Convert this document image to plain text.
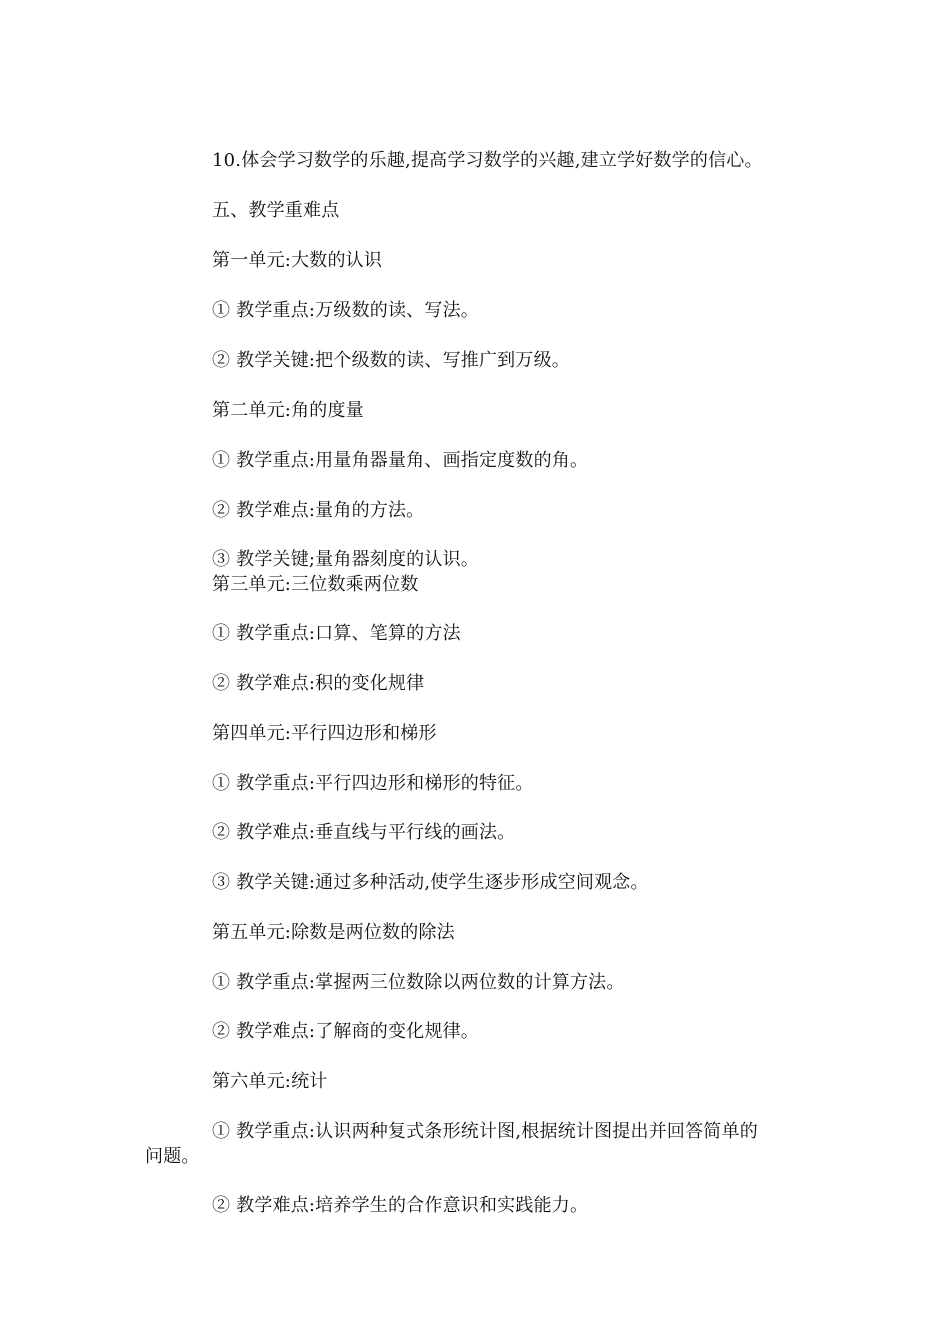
10.体会学习数学的乐趣,提高学习数学的兴趣,建立学好数学的信心。
五、教学重难点
第一单元:大数的认识
① 教学重点:万级数的读、写法。
② 教学关键:把个级数的读、写推广到万级。
第二单元:角的度量
① 教学重点:用量角器量角、画指定度数的角。
② 教学难点:量角的方法。
③ 教学关键;量角器刻度的认识。
第三单元:三位数乘两位数
① 教学重点:口算、笔算的方法
② 教学难点:积的变化规律
第四单元:平行四边形和梯形
① 教学重点:平行四边形和梯形的特征。
② 教学难点:垂直线与平行线的画法。
③ 教学关键:通过多种活动,使学生逐步形成空间观念。
第五单元:除数是两位数的除法
① 教学重点:掌握两三位数除以两位数的计算方法。
② 教学难点:了解商的变化规律。
第六单元:统计
① 教学重点:认识两种复式条形统计图,根据统计图提出并回答简单的
问题。
② 教学难点:培养学生的合作意识和实践能力。
